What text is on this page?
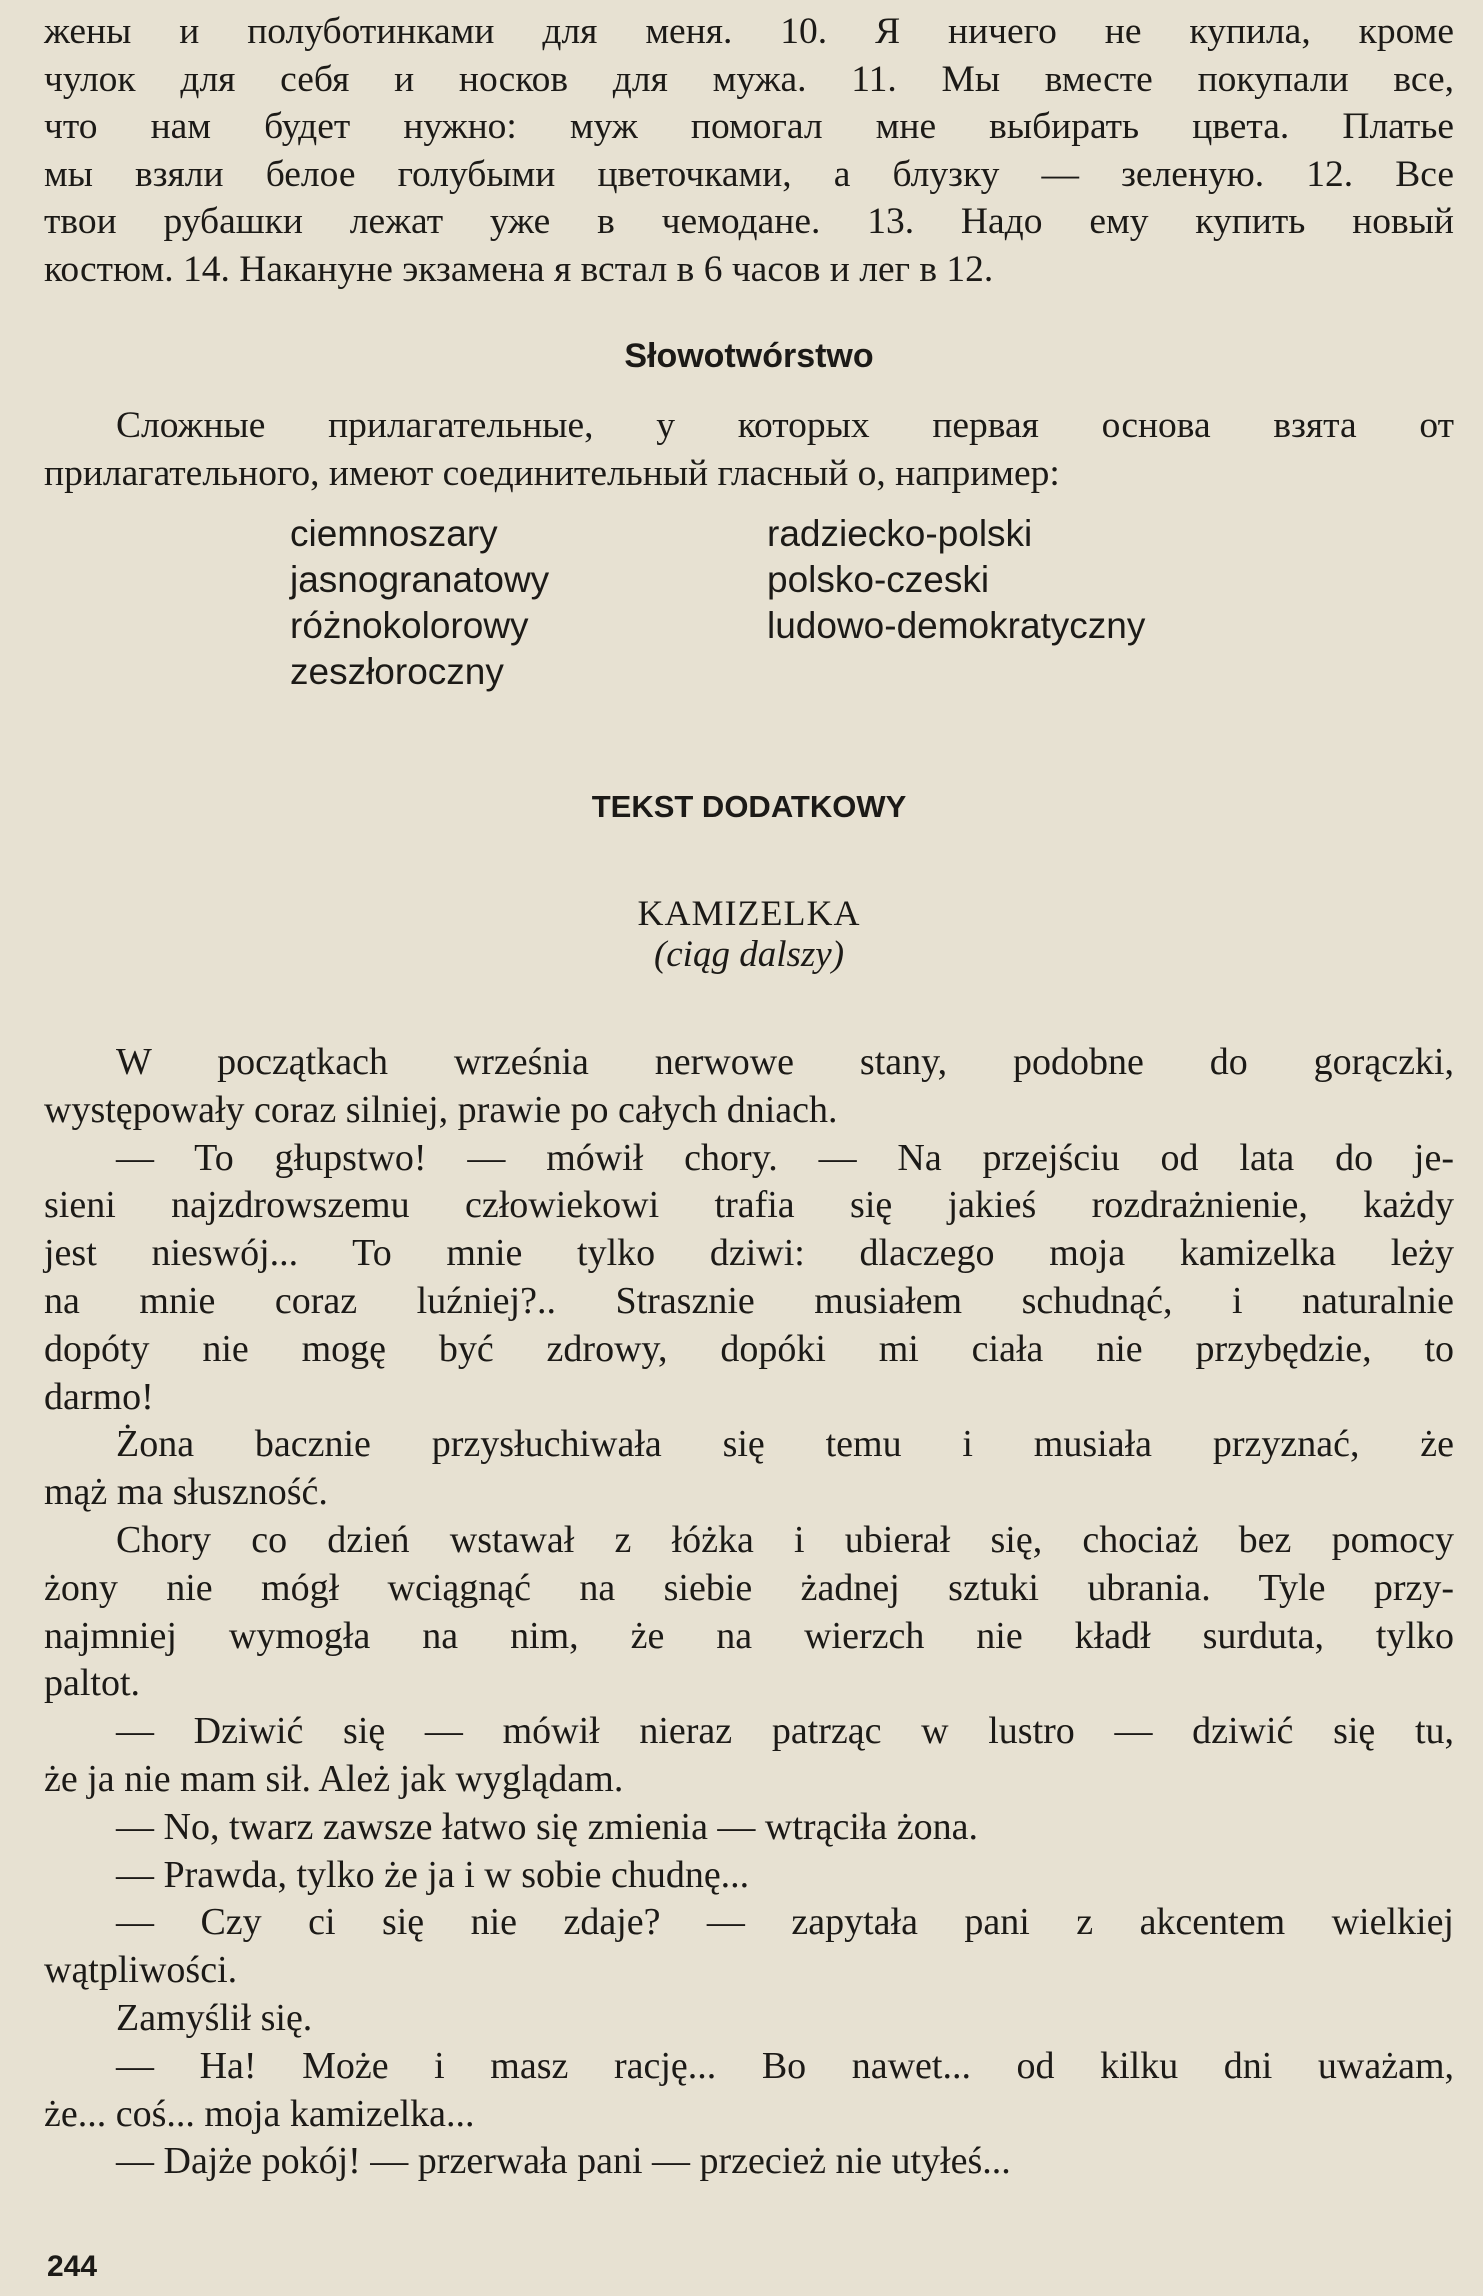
жены и полуботинками для меня. 10. Я ничего не купила, кроме
чулок для себя и носков для мужа. 11. Мы вместе покупали все,
что нам будет нужно: муж помогал мне выбирать цвета. Платье
мы взяли белое голубыми цветочками, а блузку — зеленую. 12. Все
твои рубашки лежат уже в чемодане. 13. Надо ему купить новый
костюм. 14. Накануне экзамена я встал в 6 часов и лег в 12.
Słowotwórstwo
Сложные прилагательные, у которых первая основа взята от
прилагательного, имеют соединительный гласный о, например:
ciemnoszary
jasnogranatowy
różnokolorowy
zeszłoroczny
radziecko-polski
polsko-czeski
ludowo-demokratyczny
TEKST DODATKOWY
KAMIZELKA
(ciąg dalszy)
W początkach września nerwowe stany, podobne do gorączki,
występowały coraz silniej, prawie po całych dniach.
— To głupstwo! — mówił chory. — Na przejściu od lata do je-
sieni najzdrowszemu człowiekowi trafia się jakieś rozdrażnienie, każdy
jest nieswój... To mnie tylko dziwi: dlaczego moja kamizelka leży
na mnie coraz luźniej?.. Strasznie musiałem schudnąć, i naturalnie
dopóty nie mogę być zdrowy, dopóki mi ciała nie przybędzie, to
darmo!
Żona bacznie przysłuchiwała się temu i musiała przyznać, że
mąż ma słuszność.
Chory co dzień wstawał z łóżka i ubierał się, chociaż bez pomocy
żony nie mógł wciągnąć na siebie żadnej sztuki ubrania. Tyle przy-
najmniej wymogła na nim, że na wierzch nie kładł surduta, tylko
paltot.
— Dziwić się — mówił nieraz patrząc w lustro — dziwić się tu,
że ja nie mam sił. Ależ jak wyglądam.
— No, twarz zawsze łatwo się zmienia — wtrąciła żona.
— Prawda, tylko że ja i w sobie chudnę...
— Czy ci się nie zdaje? — zapytała pani z akcentem wielkiej
wątpliwości.
Zamyślił się.
— Ha! Może i masz rację... Bo nawet... od kilku dni uważam,
że... coś... moja kamizelka...
— Dajże pokój! — przerwała pani — przecież nie utyłeś...
244
